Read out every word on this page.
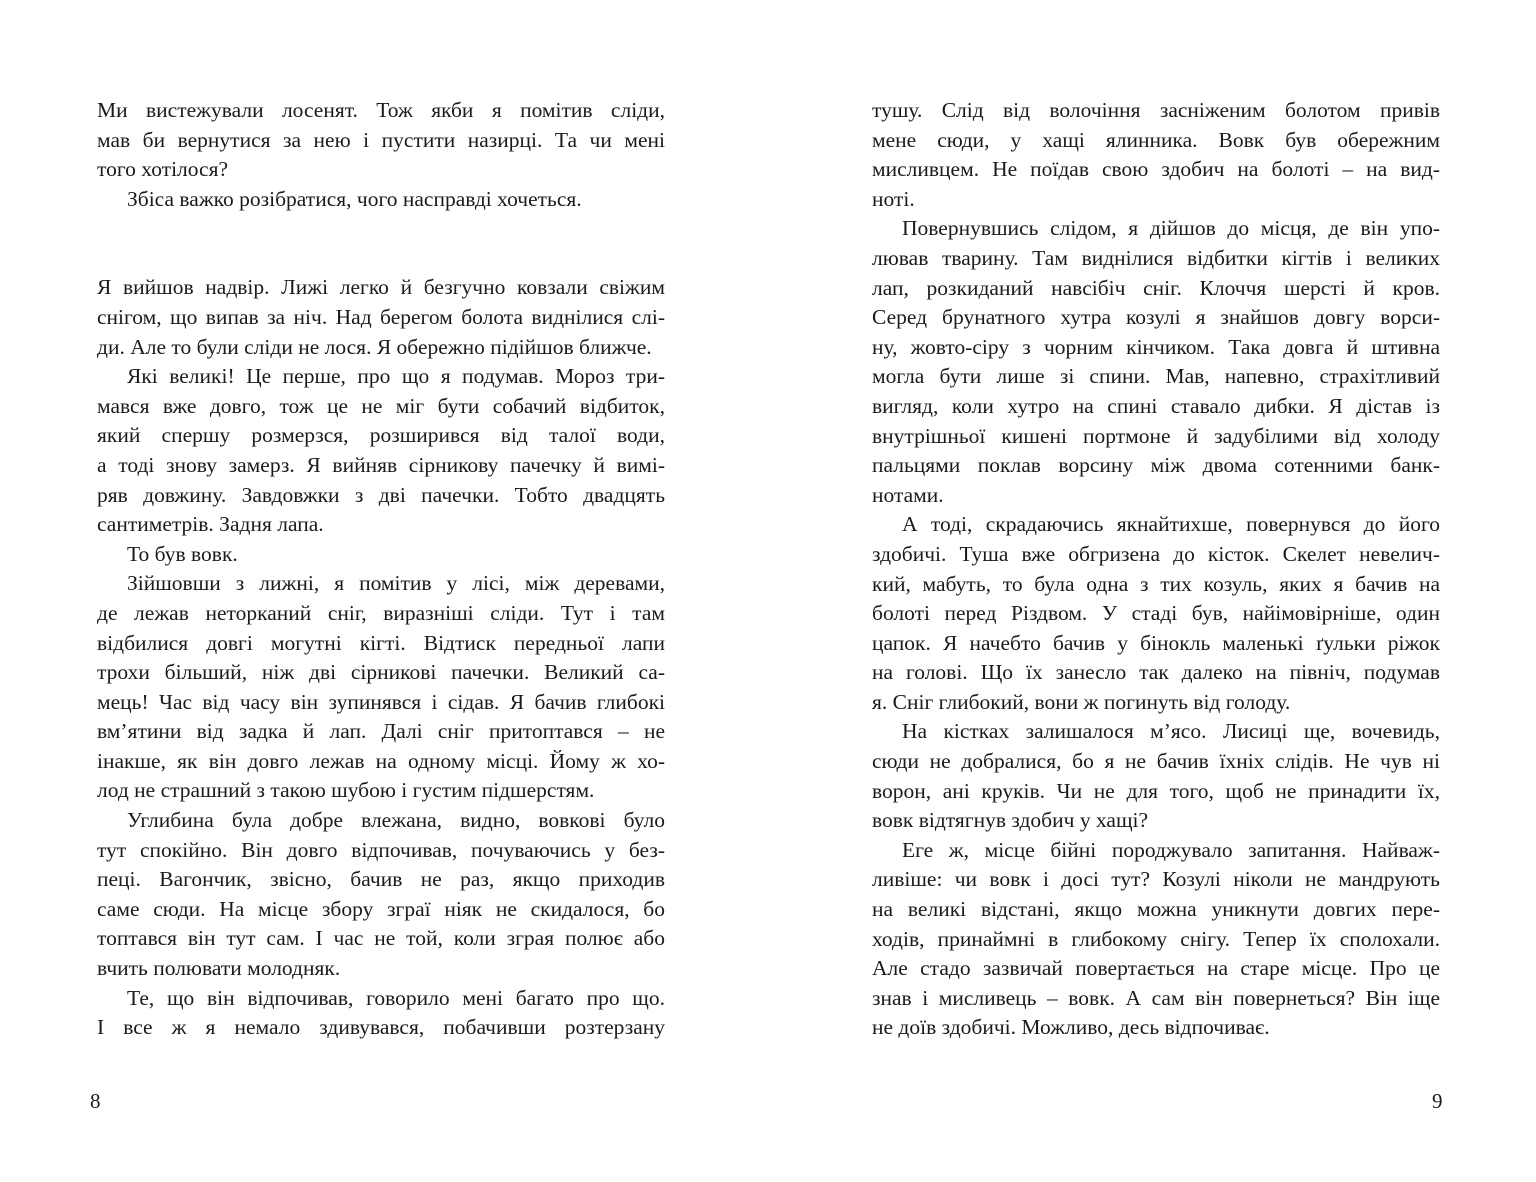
Ми вистежували лосенят. Тож якби я помітив сліди,
мав би вернутися за нею і пустити назирці. Та чи мені
того хотілося?
Збіса важко розібратися, чого насправді хочеться.
Я вийшов надвір. Лижі легко й безгучно ковзали свіжим
снігом, що випав за ніч. Над берегом болота виднілися слі-
ди. Але то були сліди не лося. Я обережно підійшов ближче.
Які великі! Це перше, про що я подумав. Мороз три-
мався вже довго, тож це не міг бути собачий відбиток,
який спершу розмерзся, розширився від талої води,
а тоді знову замерз. Я вийняв сірникову пачечку й вимі-
ряв довжину. Завдовжки з дві пачечки. Тобто двадцять
сантиметрів. Задня лапа.
То був вовк.
Зійшовши з лижні, я помітив у лісі, між деревами,
де лежав неторканий сніг, виразніші сліди. Тут і там
відбилися довгі могутні кігті. Відтиск передньої лапи
трохи більший, ніж дві сірникові пачечки. Великий са-
мець! Час від часу він зупинявся і сідав. Я бачив глибокі
вм’ятини від задка й лап. Далі сніг притоптався – не
інакше, як він довго лежав на одному місці. Йому ж хо-
лод не страшний з такою шубою і густим підшерстям.
Углибина була добре влежана, видно, вовкові було
тут спокійно. Він довго відпочивав, почуваючись у без-
пеці. Вагончик, звісно, бачив не раз, якщо приходив
саме сюди. На місце збору зграї ніяк не скидалося, бо
топтався він тут сам. І час не той, коли зграя полює або
вчить полювати молодняк.
Те, що він відпочивав, говорило мені багато про що.
І все ж я немало здивувався, побачивши розтерзану
тушу. Слід від волочіння засніженим болотом привів
мене сюди, у хащі ялинника. Вовк був обережним
мисливцем. Не поїдав свою здобич на болоті – на вид-
ноті.
Повернувшись слідом, я дійшов до місця, де він упо-
лював тварину. Там виднілися відбитки кігтів і великих
лап, розкиданий навсібіч сніг. Клоччя шерсті й кров.
Серед брунатного хутра козулі я знайшов довгу ворси-
ну, жовто-сіру з чорним кінчиком. Така довга й штивна
могла бути лише зі спини. Мав, напевно, страхітливий
вигляд, коли хутро на спині ставало дибки. Я дістав із
внутрішньої кишені портмоне й задубілими від холоду
пальцями поклав ворсину між двома сотенними банк-
нотами.
А тоді, скрадаючись якнайтихше, повернувся до його
здобичі. Туша вже обгризена до кісток. Скелет невелич-
кий, мабуть, то була одна з тих козуль, яких я бачив на
болоті перед Різдвом. У стаді був, найімовірніше, один
цапок. Я начебто бачив у бінокль маленькі ґульки ріжок
на голові. Що їх занесло так далеко на північ, подумав
я. Сніг глибокий, вони ж погинуть від голоду.
На кістках залишалося м’ясо. Лисиці ще, вочевидь,
сюди не добралися, бо я не бачив їхніх слідів. Не чув ні
ворон, ані круків. Чи не для того, щоб не принадити їх,
вовк відтягнув здобич у хащі?
Еге ж, місце бійні породжувало запитання. Найваж-
ливіше: чи вовк і досі тут? Козулі ніколи не мандрують
на великі відстані, якщо можна уникнути довгих пере-
ходів, принаймні в глибокому снігу. Тепер їх сполохали.
Але стадо зазвичай повертається на старе місце. Про це
знав і мисливець – вовк. А сам він повернеться? Він іще
не доїв здобичі. Можливо, десь відпочиває.
8	9
